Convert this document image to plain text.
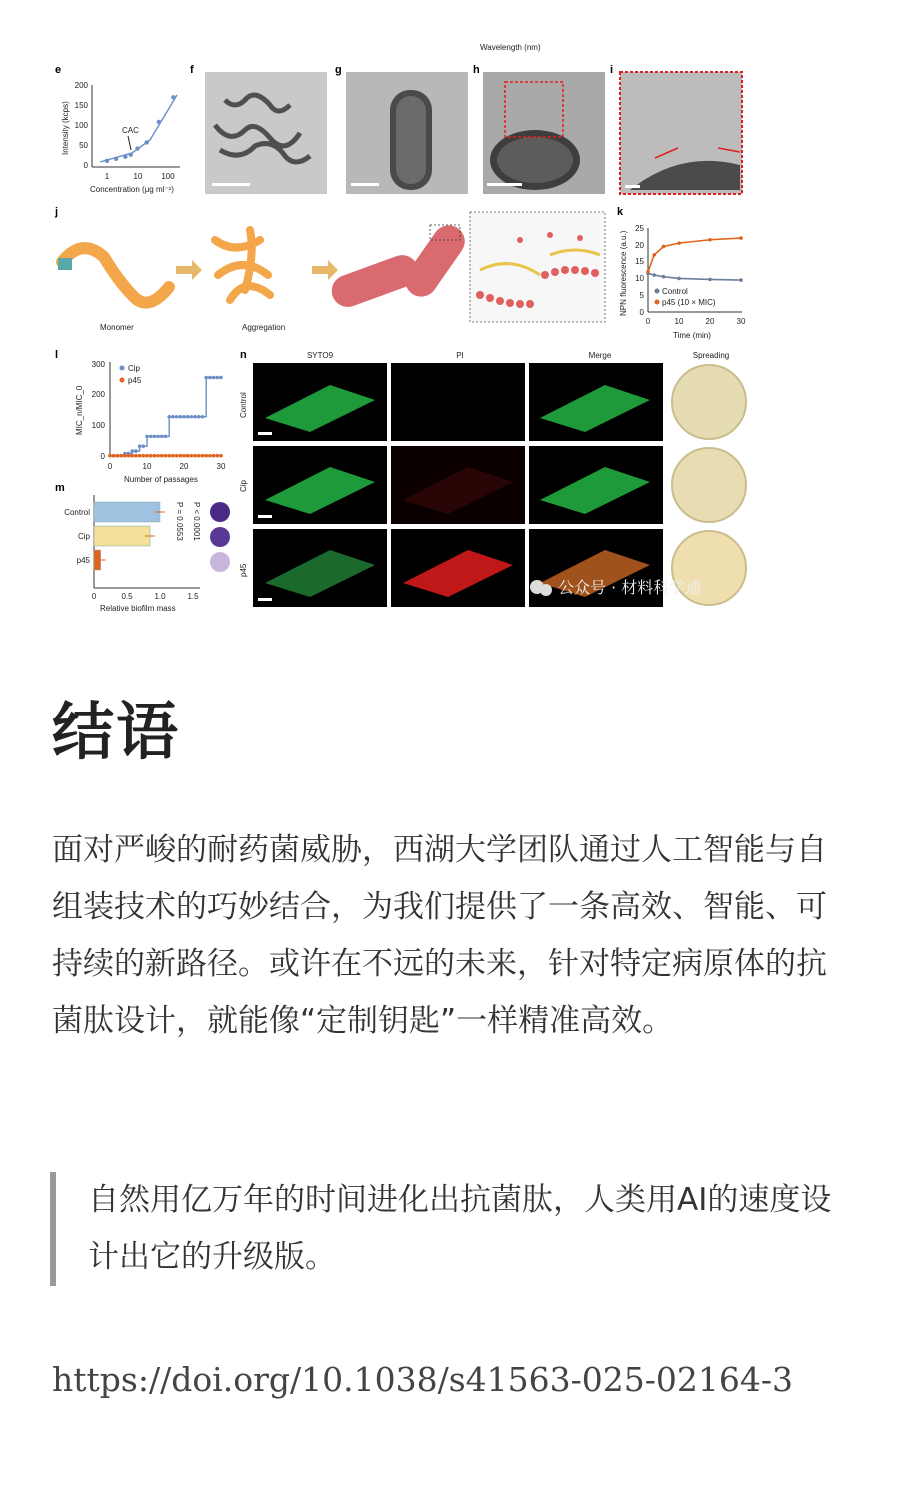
Wavelength (nm)
e
200
150
100
50
0
1	10 100
Intensity (kcps)
Concentration (μg ml⁻¹)
CAC
f	g	h	i
j
Monomer	Aggregation
k
25
20
15
10
5
0
0	10	20	30
NPN fluorescence (a.u.)
Time (min)
Control
p45 (10 × MIC)
l
300
200
100
0
0	10	20	30
MIC_n/MIC_0
Number of passages
Cip
p45
m
Control
Cip
p45
0	0.5	1.0	1.5
Relative biofilm mass
P = 0.0553 P < 0.0001
n	SYTO9	PI	Merge	Spreading
Control
Cip
p45
公众号 · 材料科学通
结语

面对严峻的耐药菌威胁，西湖大学团队通过人工智能与自组装技术的巧妙结合，为我们提供了一条高效、智能、可持续的新路径。或许在不远的未来，针对特定病原体的抗菌肽设计，就能像“定制钥匙”一样精准高效。

自然用亿万年的时间进化出抗菌肽，人类用AI的速度设计出它的升级版。

https://doi.org/10.1038/s41563-025-02164-3
